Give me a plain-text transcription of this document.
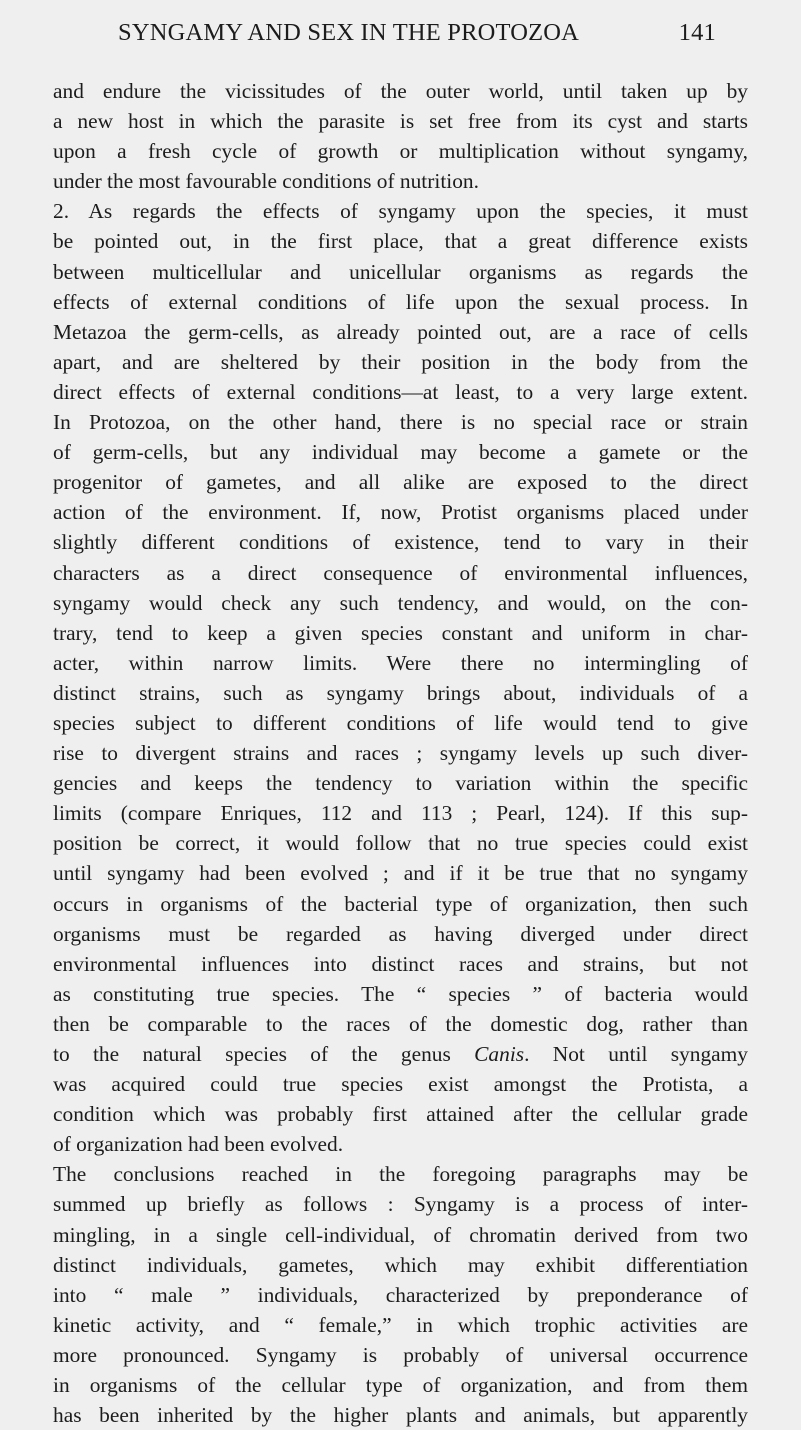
SYNGAMY AND SEX IN THE PROTOZOA	141
and endure the vicissitudes of the outer world, until taken up by
a new host in which the parasite is set free from its cyst and starts
upon a fresh cycle of growth or multiplication without syngamy,
under the most favourable conditions of nutrition.
2. As regards the effects of syngamy upon the species, it must
be pointed out, in the first place, that a great difference exists
between multicellular and unicellular organisms as regards the
effects of external conditions of life upon the sexual process. In
Metazoa the germ-cells, as already pointed out, are a race of cells
apart, and are sheltered by their position in the body from the
direct effects of external conditions—at least, to a very large extent.
In Protozoa, on the other hand, there is no special race or strain
of germ-cells, but any individual may become a gamete or the
progenitor of gametes, and all alike are exposed to the direct
action of the environment. If, now, Protist organisms placed under
slightly different conditions of existence, tend to vary in their
characters as a direct consequence of environmental influences,
syngamy would check any such tendency, and would, on the con-
trary, tend to keep a given species constant and uniform in char-
acter, within narrow limits. Were there no intermingling of
distinct strains, such as syngamy brings about, individuals of a
species subject to different conditions of life would tend to give
rise to divergent strains and races ; syngamy levels up such diver-
gencies and keeps the tendency to variation within the specific
limits (compare Enriques, 112 and 113 ; Pearl, 124). If this sup-
position be correct, it would follow that no true species could exist
until syngamy had been evolved ; and if it be true that no syngamy
occurs in organisms of the bacterial type of organization, then such
organisms must be regarded as having diverged under direct
environmental influences into distinct races and strains, but not
as constituting true species. The “ species ” of bacteria would
then be comparable to the races of the domestic dog, rather than
to the natural species of the genus Canis. Not until syngamy
was acquired could true species exist amongst the Protista, a
condition which was probably first attained after the cellular grade
of organization had been evolved.
The conclusions reached in the foregoing paragraphs may be
summed up briefly as follows : Syngamy is a process of inter-
mingling, in a single cell-individual, of chromatin derived from two
distinct individuals, gametes, which may exhibit differentiation
into “ male ” individuals, characterized by preponderance of
kinetic activity, and “ female,” in which trophic activities are
more pronounced. Syngamy is probably of universal occurrence
in organisms of the cellular type of organization, and from them
has been inherited by the higher plants and animals, but apparently
